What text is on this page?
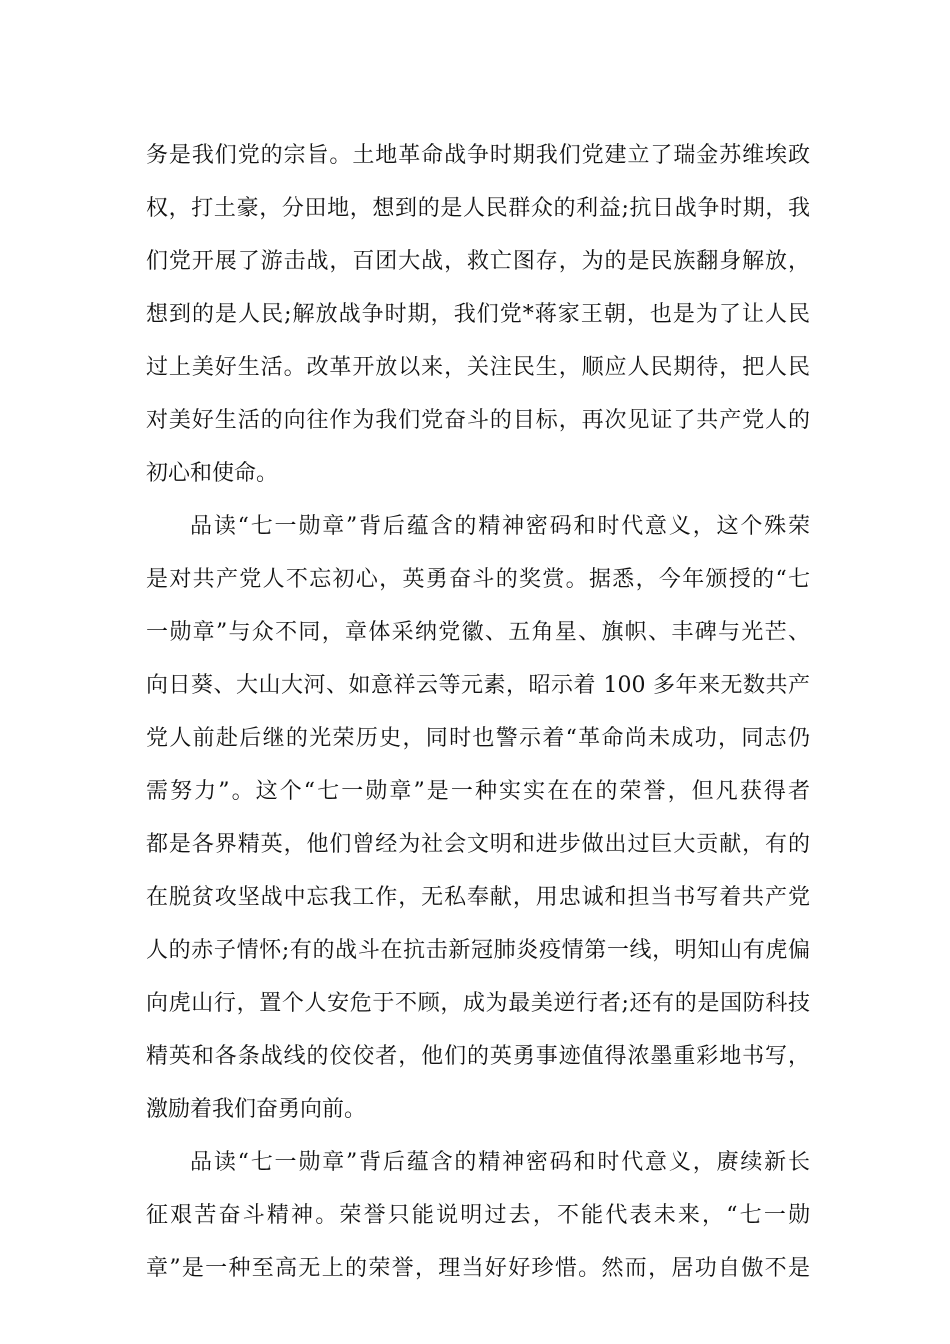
务是我们党的宗旨。土地革命战争时期我们党建立了瑞金苏维埃政
权，打土豪，分田地，想到的是人民群众的利益;抗日战争时期，我
们党开展了游击战，百团大战，救亡图存，为的是民族翻身解放，
想到的是人民;解放战争时期，我们党*蒋家王朝，也是为了让人民
过上美好生活。改革开放以来，关注民生，顺应人民期待，把人民
对美好生活的向往作为我们党奋斗的目标，再次见证了共产党人的
初心和使命。
品读“七一勋章”背后蕴含的精神密码和时代意义，这个殊荣
是对共产党人不忘初心，英勇奋斗的奖赏。据悉，今年颁授的“七
一勋章”与众不同，章体采纳党徽、五角星、旗帜、丰碑与光芒、
向日葵、大山大河、如意祥云等元素，昭示着 100 多年来无数共产
党人前赴后继的光荣历史，同时也警示着“革命尚未成功，同志仍
需努力”。这个“七一勋章”是一种实实在在的荣誉，但凡获得者
都是各界精英，他们曾经为社会文明和进步做出过巨大贡献，有的
在脱贫攻坚战中忘我工作，无私奉献，用忠诚和担当书写着共产党
人的赤子情怀;有的战斗在抗击新冠肺炎疫情第一线，明知山有虎偏
向虎山行，置个人安危于不顾，成为最美逆行者;还有的是国防科技
精英和各条战线的佼佼者，他们的英勇事迹值得浓墨重彩地书写，
激励着我们奋勇向前。
品读“七一勋章”背后蕴含的精神密码和时代意义，赓续新长
征艰苦奋斗精神。荣誉只能说明过去，不能代表未来，“七一勋
章”是一种至高无上的荣誉，理当好好珍惜。然而，居功自傲不是
